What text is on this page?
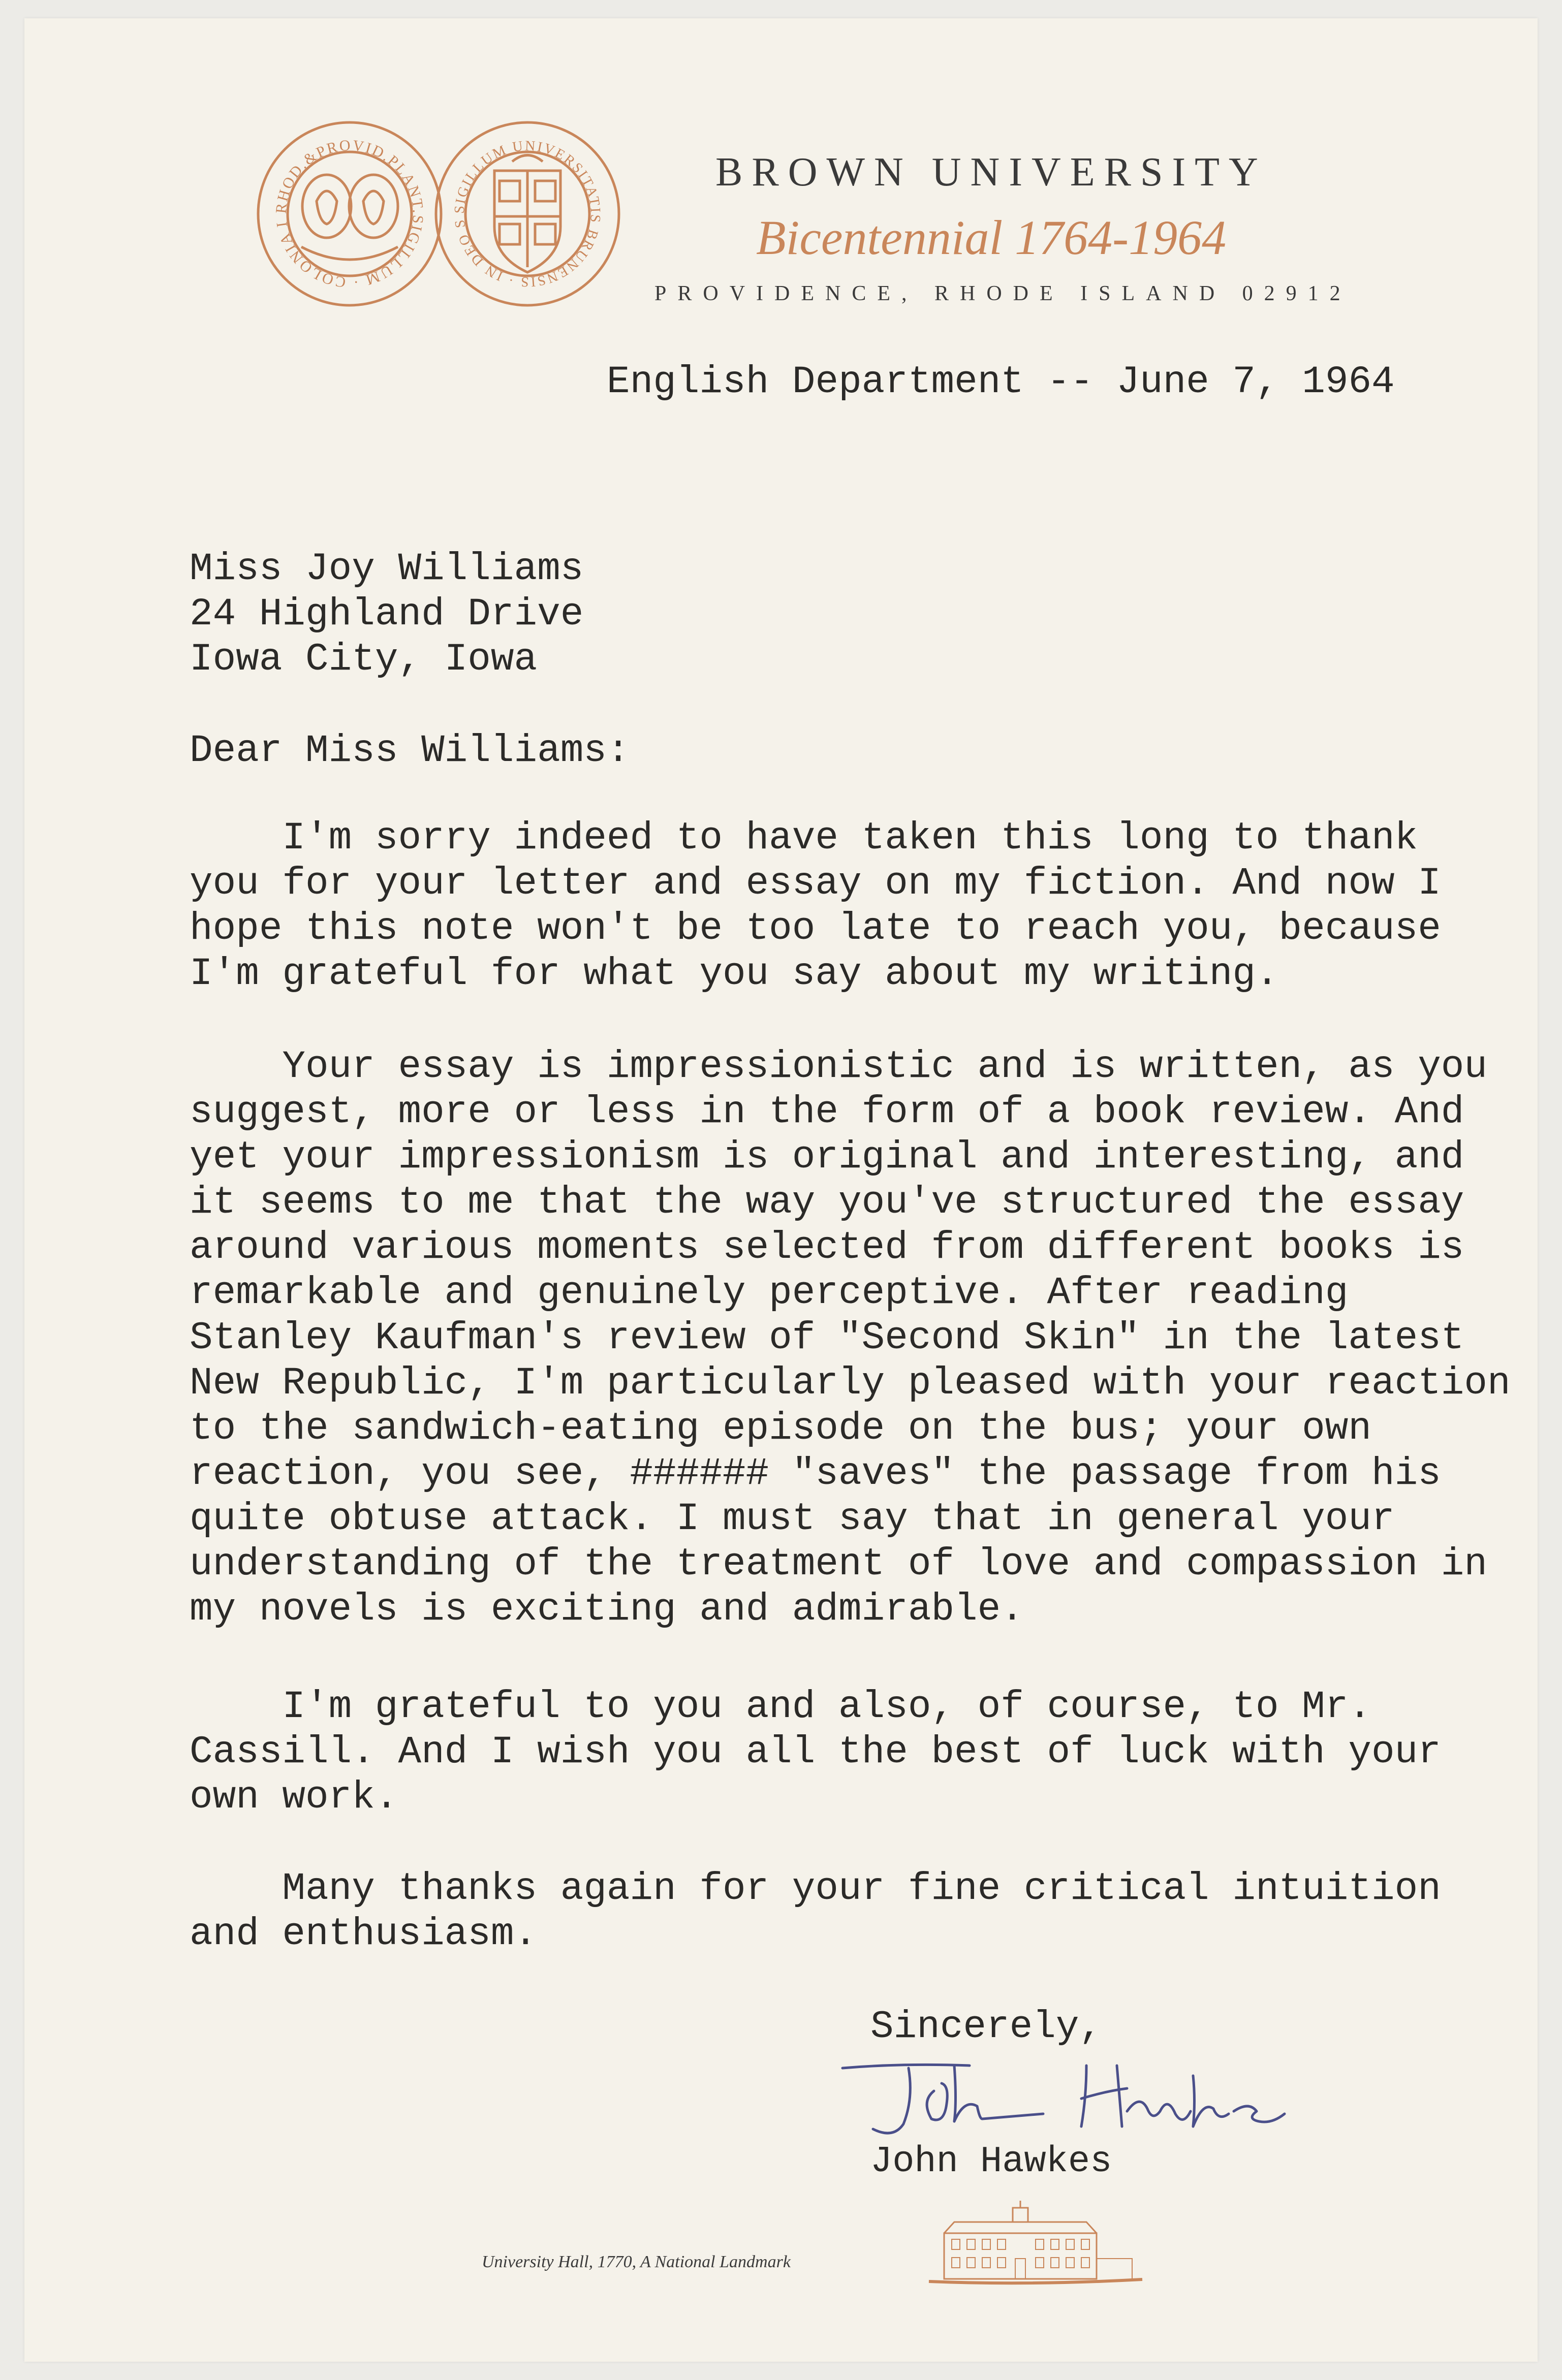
RHOD.&PROVID.PLANT.SIGILLUM · COLONIA I
SIGILLUM UNIVERSITATIS BRUNENSIS · IN DEO S
BROWN UNIVERSITY
Bicentennial 1764-1964
PROVIDENCE, RHODE ISLAND 02912
English Department -- June 7, 1964
Miss Joy Williams
24 Highland Drive
Iowa City, Iowa
Dear Miss Williams:
I'm sorry indeed to have taken this long to thank
you for your letter and essay on my fiction. And now I
hope this note won't be too late to reach you, because
I'm grateful for what you say about my writing.
Your essay is impressionistic and is written, as you
suggest, more or less in the form of a book review. And
yet your impressionism is original and interesting, and
it seems to me that the way you've structured the essay
around various moments selected from different books is
remarkable and genuinely perceptive. After reading
Stanley Kaufman's review of "Second Skin" in the latest
New Republic, I'm particularly pleased with your reaction
to the sandwich-eating episode on the bus; your own
reaction, you see, ###### "saves" the passage from his
quite obtuse attack. I must say that in general your
understanding of the treatment of love and compassion in
my novels is exciting and admirable.
I'm grateful to you and also, of course, to Mr.
Cassill. And I wish you all the best of luck with your
own work.
Many thanks again for your fine critical intuition
and enthusiasm.
Sincerely,
John Hawkes
University Hall, 1770, A National Landmark
